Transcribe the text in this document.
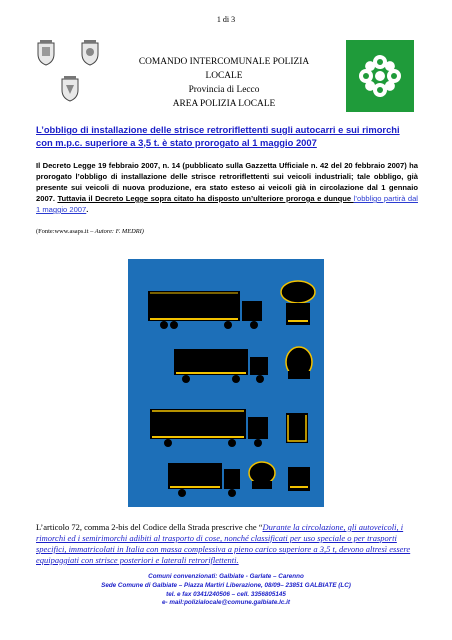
1 di 3
COMANDO INTERCOMUNALE POLIZIA
LOCALE
Provincia di Lecco
AREA POLIZIA LOCALE
L’obbligo di installazione delle strisce retroriflettenti sugli autocarri e sui rimorchi con m.p.c. superiore a 3,5 t. è stato prorogato al 1 maggio 2007
Il Decreto Legge 19 febbraio 2007, n. 14 (pubblicato sulla Gazzetta Ufficiale n. 42 del 20 febbraio 2007) ha prorogato l’obbligo di installazione delle strisce retroriflettenti sui veicoli industriali; tale obbligo, già presente sui veicoli di nuova produzione, era stato esteso ai veicoli già in circolazione dal 1 gennaio 2007. Tuttavia il Decreto Legge sopra citato ha disposto un’ulteriore proroga e dunque l’obbligo partirà dal 1 maggio 2007.
(Fonte:www.asaps.it – Autore: F. MEDRI)
L’articolo 72, comma 2-bis del Codice della Strada prescrive che “Durante la circolazione, gli autoveicoli, i rimorchi ed i semirimorchi adibiti al trasporto di cose, nonché classificati per uso speciale o per trasporti specifici, immatricolati in Italia con massa complessiva a pieno carico superiore a 3,5 t, devono altresì essere equipaggiati con strisce posteriori e laterali retroriflettenti.
Comuni convenzionati: Galbiate - Garlate – Carenno
Sede Comune di Galbiate – Piazza Martiri Liberazione, 08/09– 23851 GALBIATE (LC)
tel. e fax 0341/240506 – cell. 3356805145
e- mail:polizialocale@comune.galbiate.lc.it
